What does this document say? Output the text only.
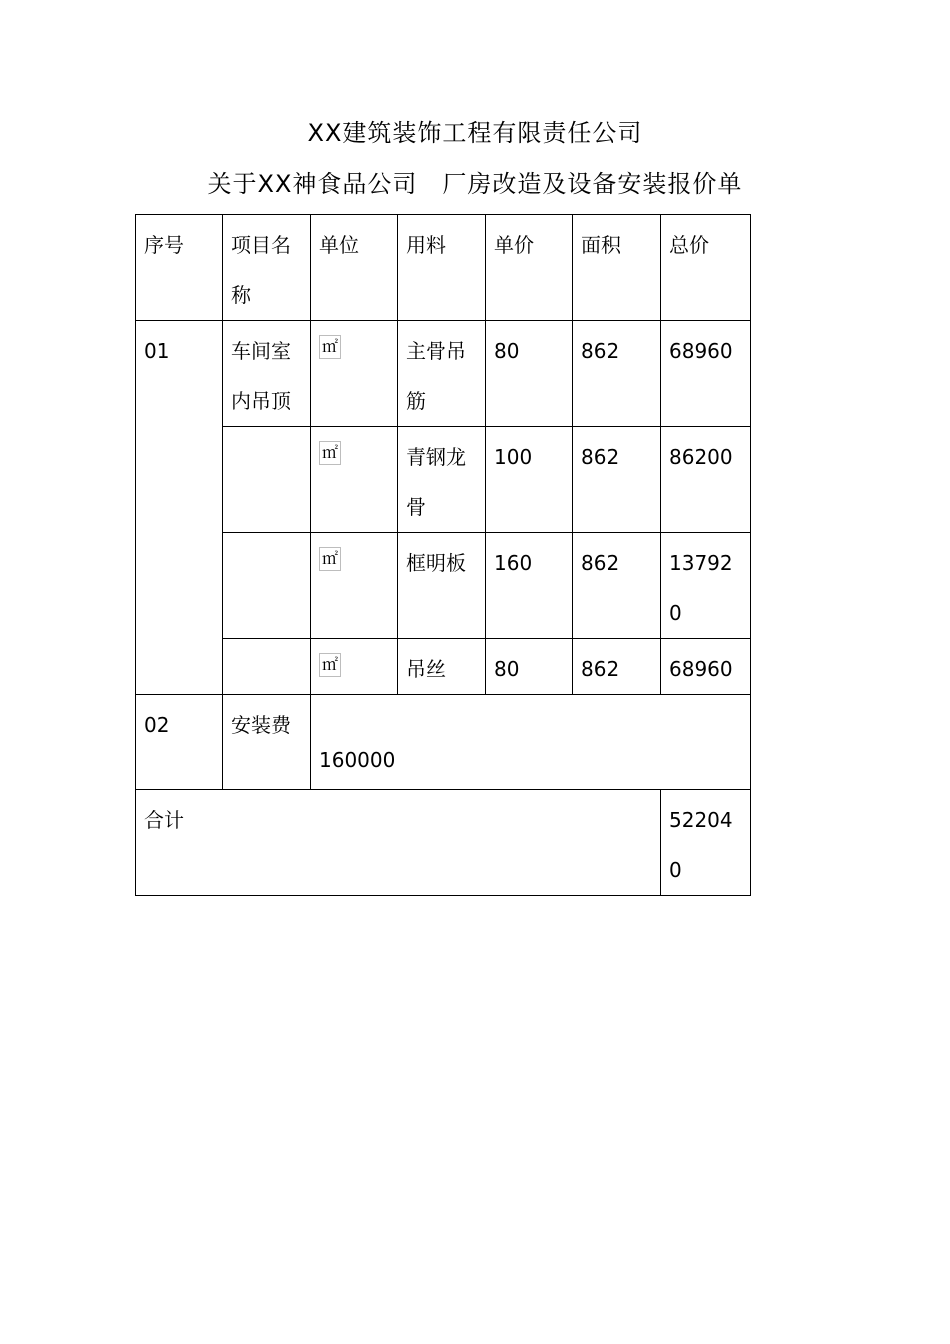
XX建筑装饰工程有限责任公司
关于XX神食品公司　厂房改造及设备安装报价单
序号	项目名称	单位	用料	单价	面积	总价
01	车间室内吊顶	㎡	主骨吊筋	80	862	68960
		㎡	青钢龙骨	100	862	86200
		㎡	框明板	160	862	137920
		㎡	吊丝	80	862	68960
02	安装费	160000				
合计						522040
